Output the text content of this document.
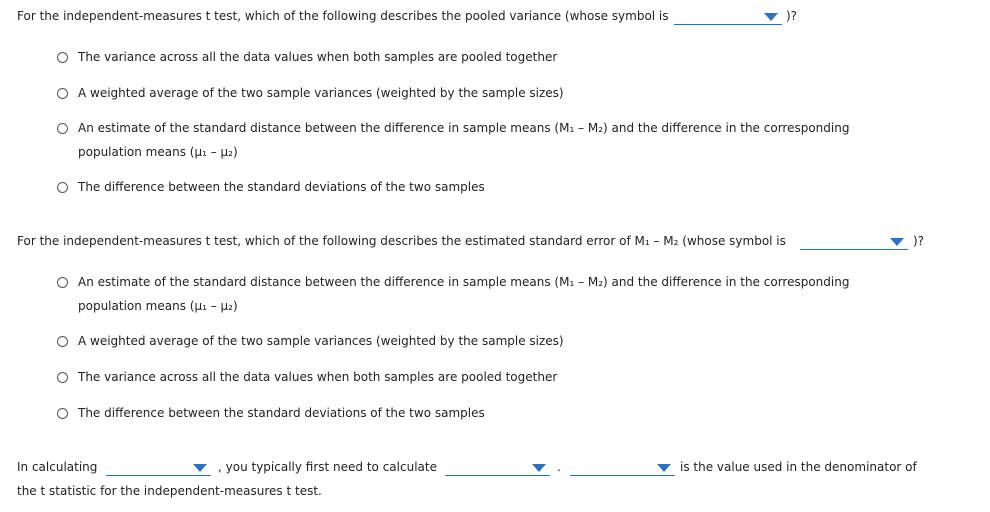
For the independent-measures t test, which of the following describes the pooled variance (whose symbol is	)?
The variance across all the data values when both samples are pooled together
A weighted average of the two sample variances (weighted by the sample sizes)
An estimate of the standard distance between the difference in sample means (M₁ – M₂) and the difference in the corresponding
population means (μ₁ – μ₂)
The difference between the standard deviations of the two samples
For the independent-measures t test, which of the following describes the estimated standard error of M₁ – M₂ (whose symbol is	)?
An estimate of the standard distance between the difference in sample means (M₁ – M₂) and the difference in the corresponding
population means (μ₁ – μ₂)
A weighted average of the two sample variances (weighted by the sample sizes)
The variance across all the data values when both samples are pooled together
The difference between the standard deviations of the two samples
In calculating	, you typically first need to calculate	.	is the value used in the denominator of
the t statistic for the independent-measures t test.
